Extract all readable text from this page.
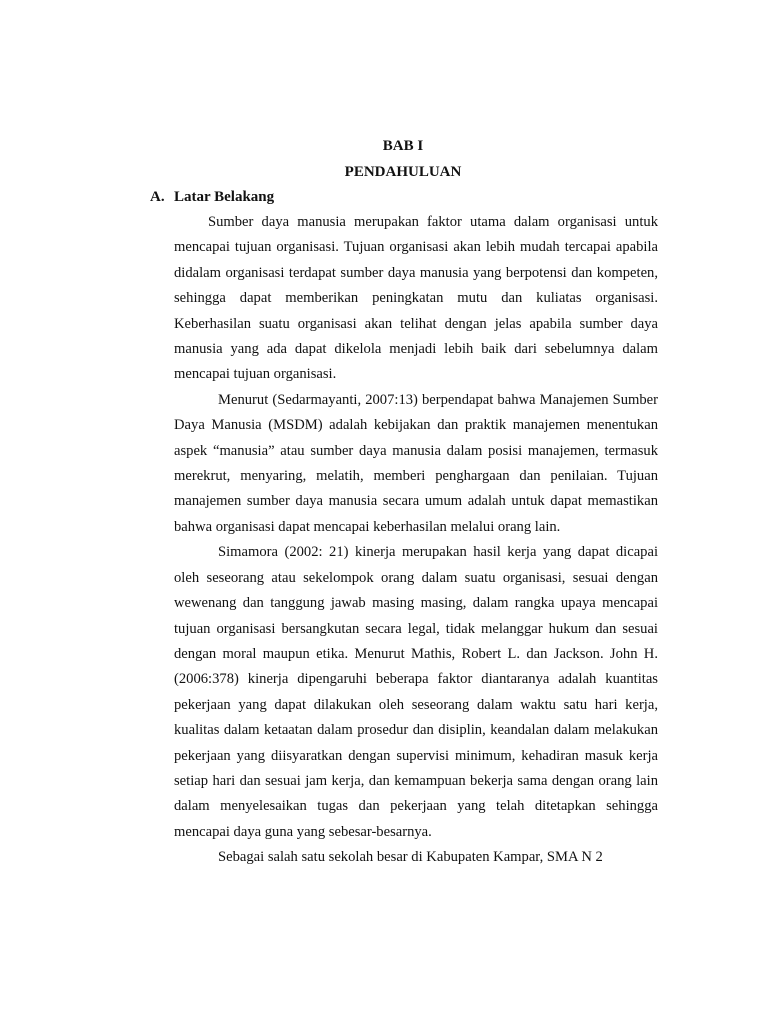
BAB I
PENDAHULUAN
A. Latar Belakang

Sumber daya manusia merupakan faktor utama dalam organisasi untuk mencapai tujuan organisasi. Tujuan organisasi akan lebih mudah tercapai apabila didalam organisasi terdapat sumber daya manusia yang berpotensi dan kompeten, sehingga dapat memberikan peningkatan mutu dan kuliatas organisasi. Keberhasilan suatu organisasi akan telihat dengan jelas apabila sumber daya manusia yang ada dapat dikelola menjadi lebih baik dari sebelumnya dalam mencapai tujuan organisasi.

Menurut (Sedarmayanti, 2007:13) berpendapat bahwa Manajemen Sumber Daya Manusia (MSDM) adalah kebijakan dan praktik manajemen menentukan aspek “manusia” atau sumber daya manusia dalam posisi manajemen, termasuk merekrut, menyaring, melatih, memberi penghargaan dan penilaian. Tujuan manajemen sumber daya manusia secara umum adalah untuk dapat memastikan bahwa organisasi dapat mencapai keberhasilan melalui orang lain.

Simamora (2002: 21) kinerja merupakan hasil kerja yang dapat dicapai oleh seseorang atau sekelompok orang dalam suatu organisasi, sesuai dengan wewenang dan tanggung jawab masing masing, dalam rangka upaya mencapai tujuan organisasi bersangkutan secara legal, tidak melanggar hukum dan sesuai dengan moral maupun etika. Menurut Mathis, Robert L. dan Jackson. John H. (2006:378) kinerja dipengaruhi beberapa faktor diantaranya adalah kuantitas pekerjaan yang dapat dilakukan oleh seseorang dalam waktu satu hari kerja, kualitas dalam ketaatan dalam prosedur dan disiplin, keandalan dalam melakukan pekerjaan yang diisyaratkan dengan supervisi minimum, kehadiran masuk kerja setiap hari dan sesuai jam kerja, dan kemampuan bekerja sama dengan orang lain dalam menyelesaikan tugas dan pekerjaan yang telah ditetapkan sehingga mencapai daya guna yang sebesar-besarnya.

Sebagai salah satu sekolah besar di Kabupaten Kampar, SMA N 2
